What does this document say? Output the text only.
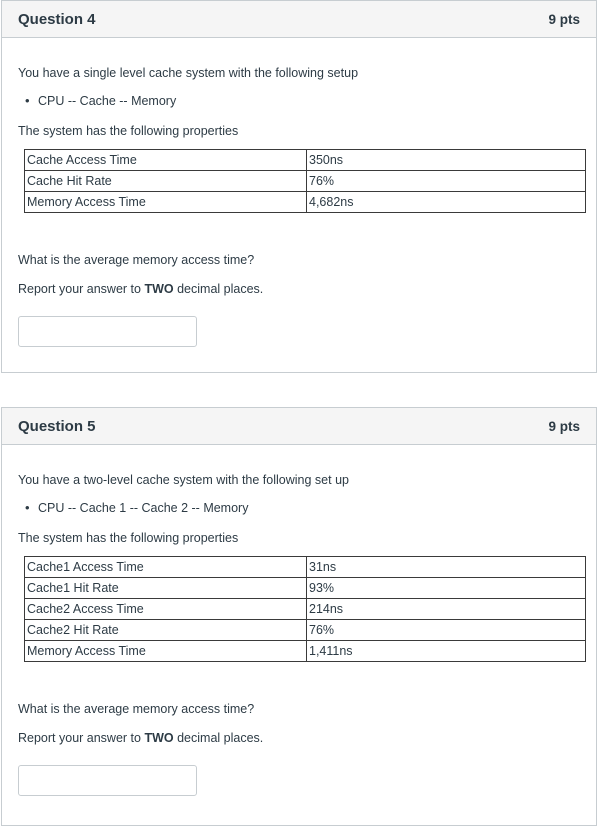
Question 4	9 pts

You have a single level cache system with the following setup

• CPU -- Cache -- Memory

The system has the following properties

Cache Access Time	350ns
Cache Hit Rate	76%
Memory Access Time	4,682ns

What is the average memory access time?

Report your answer to TWO decimal places.

Question 5	9 pts

You have a two-level cache system with the following set up

• CPU -- Cache 1 -- Cache 2 -- Memory

The system has the following properties

Cache1 Access Time	31ns
Cache1 Hit Rate	93%
Cache2 Access Time	214ns
Cache2 Hit Rate	76%
Memory Access Time	1,411ns

What is the average memory access time?

Report your answer to TWO decimal places.
